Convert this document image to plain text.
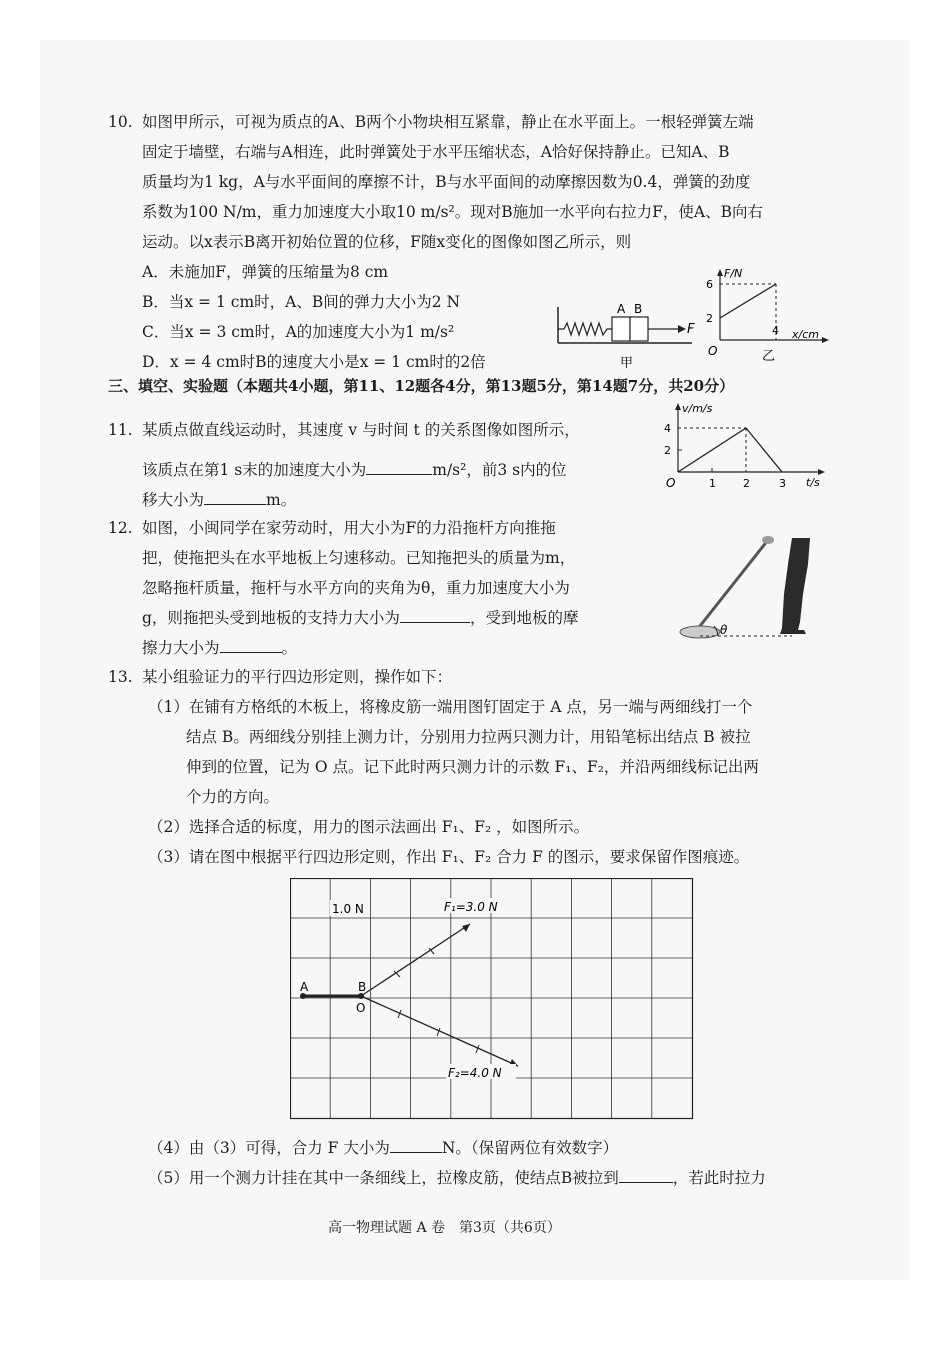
10. 如图甲所示，可视为质点的A、B两个小物块相互紧靠，静止在水平面上。一根轻弹簧左端
固定于墙壁，右端与A相连，此时弹簧处于水平压缩状态，A恰好保持静止。已知A、B
质量均为1 kg，A与水平面间的摩擦不计，B与水平面间的动摩擦因数为0.4，弹簧的劲度
系数为100 N/m，重力加速度大小取10 m/s²。现对B施加一水平向右拉力F，使A、B向右
运动。以x表示B离开初始位置的位移，F随x变化的图像如图乙所示，则
A．未施加F，弹簧的压缩量为8 cm
B．当x = 1 cm时，A、B间的弹力大小为2 N
C．当x = 3 cm时，A的加速度大小为1 m/s²
D．x = 4 cm时B的速度大小是x = 1 cm时的2倍
A B
F
甲
F/N
x/cm
6
2
4
O	乙
三、填空、实验题（本题共4小题，第11、12题各4分，第13题5分，第14题7分，共20分）
11. 某质点做直线运动时，其速度 v 与时间 t 的关系图像如图所示，
该质点在第1 s末的加速度大小为	m/s²，前3 s内的位
移大小为	m。
v/m/s
t/s
4
2
1 2	3
O
12. 如图，小闽同学在家劳动时，用大小为F的力沿拖杆方向推拖
把，使拖把头在水平地板上匀速移动。已知拖把头的质量为m，
忽略拖杆质量，拖杆与水平方向的夹角为θ，重力加速度大小为
g，则拖把头受到地板的支持力大小为	，受到地板的摩
擦力大小为	。
θ
13. 某小组验证力的平行四边形定则，操作如下：
（1）在铺有方格纸的木板上，将橡皮筋一端用图钉固定于 A 点，另一端与两细线打一个
结点 B。两细线分别挂上测力计，分别用力拉两只测力计，用铅笔标出结点 B 被拉
伸到的位置，记为 O 点。记下此时两只测力计的示数 F₁、F₂，并沿两细线标记出两
个力的方向。
（2）选择合适的标度，用力的图示法画出 F₁、F₂ ，如图所示。
（3）请在图中根据平行四边形定则，作出 F₁、F₂ 合力 F 的图示，要求保留作图痕迹。
1.0 N
A	B
O
F₁=3.0 N
F₂=4.0 N
（4）由（3）可得，合力 F 大小为	N。（保留两位有效数字）
（5）用一个测力计挂在其中一条细线上，拉橡皮筋，使结点B被拉到	，若此时拉力
高一物理试题 A 卷　第3页（共6页）
